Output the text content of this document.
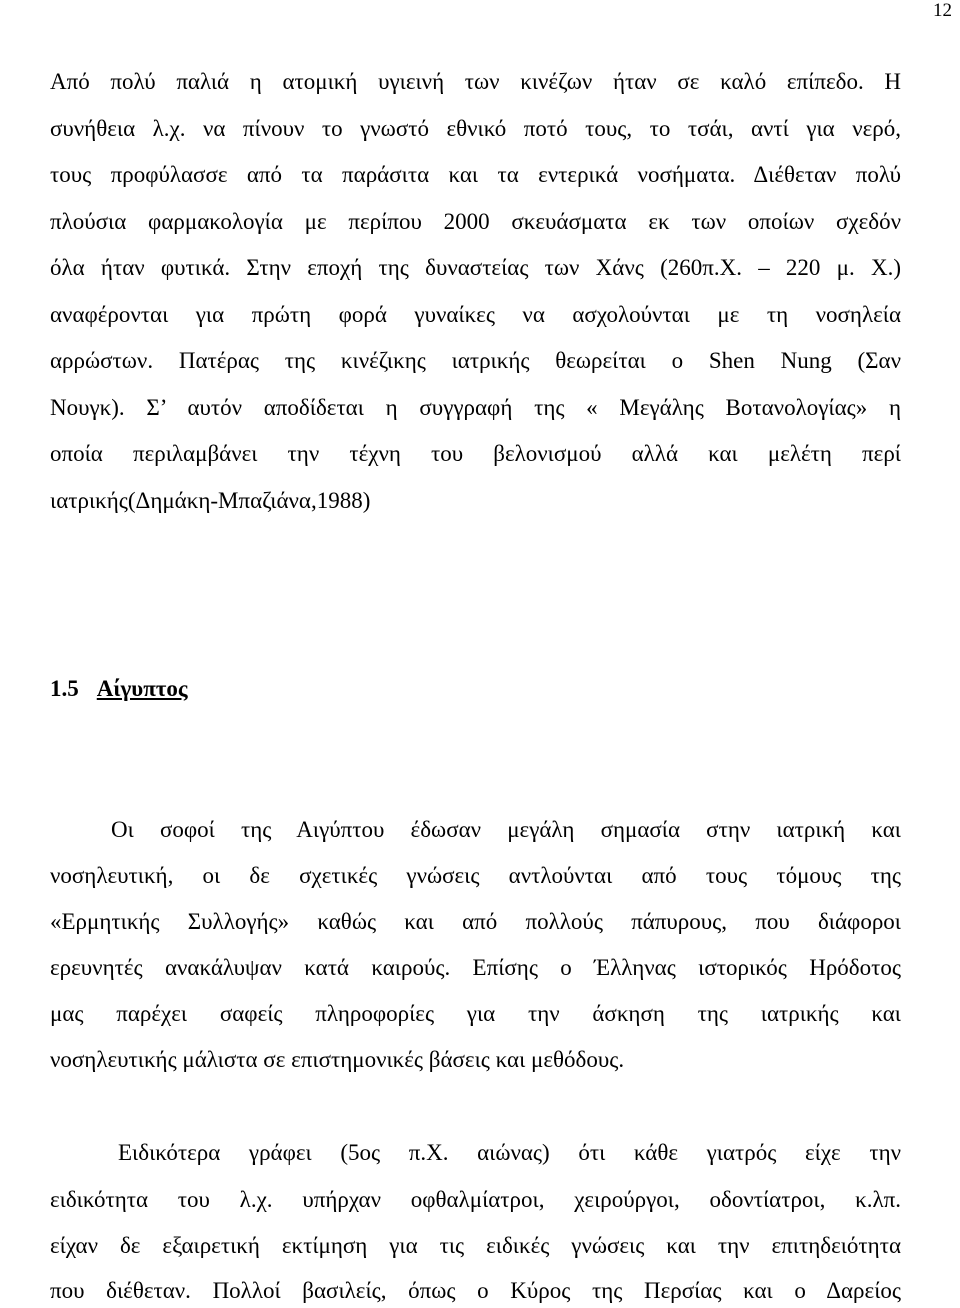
12
Από πολύ παλιά η ατομική υγιεινή των κινέζων ήταν σε καλό επίπεδο. Η
συνήθεια λ.χ. να πίνουν το γνωστό εθνικό ποτό τους, το τσάι, αντί για νερό,
τους προφύλασσε από τα παράσιτα και τα εντερικά νοσήματα. Διέθεταν πολύ
πλούσια φαρμακολογία με περίπου 2000 σκευάσματα εκ των οποίων σχεδόν
όλα ήταν φυτικά. Στην εποχή της δυναστείας των Χάνς (260π.Χ. – 220 μ. Χ.)
αναφέρονται για πρώτη φορά γυναίκες να ασχολούνται με τη νοσηλεία
αρρώστων. Πατέρας της κινέζικης ιατρικής θεωρείται ο Shen Nung (Σαν
Νουγκ). Σ’ αυτόν αποδίδεται η συγγραφή της « Μεγάλης Βοτανολογίας» η
οποία περιλαμβάνει την τέχνη του βελονισμού αλλά και μελέτη περί
ιατρικής(Δημάκη-Μπαζιάνα,1988)
1.5 Αίγυπτος
Οι σοφοί της Αιγύπτου έδωσαν μεγάλη σημασία στην ιατρική και
νοσηλευτική, οι δε σχετικές γνώσεις αντλούνται από τους τόμους της
«Ερμητικής Συλλογής» καθώς και από πολλούς πάπυρους, που διάφοροι
ερευνητές ανακάλυψαν κατά καιρούς. Επίσης ο Έλληνας ιστορικός Ηρόδοτος
μας παρέχει σαφείς πληροφορίες για την άσκηση της ιατρικής και
νοσηλευτικής μάλιστα σε επιστημονικές βάσεις και μεθόδους.
Ειδικότερα γράφει (5ος π.Χ. αιώνας) ότι κάθε γιατρός είχε την
ειδικότητα του λ.χ. υπήρχαν οφθαλμίατροι, χειρούργοι, οδοντίατροι, κ.λπ.
είχαν δε εξαιρετική εκτίμηση για τις ειδικές γνώσεις και την επιτηδειότητα
που διέθεταν. Πολλοί βασιλείς, όπως ο Κύρος της Περσίας και ο Δαρείος
